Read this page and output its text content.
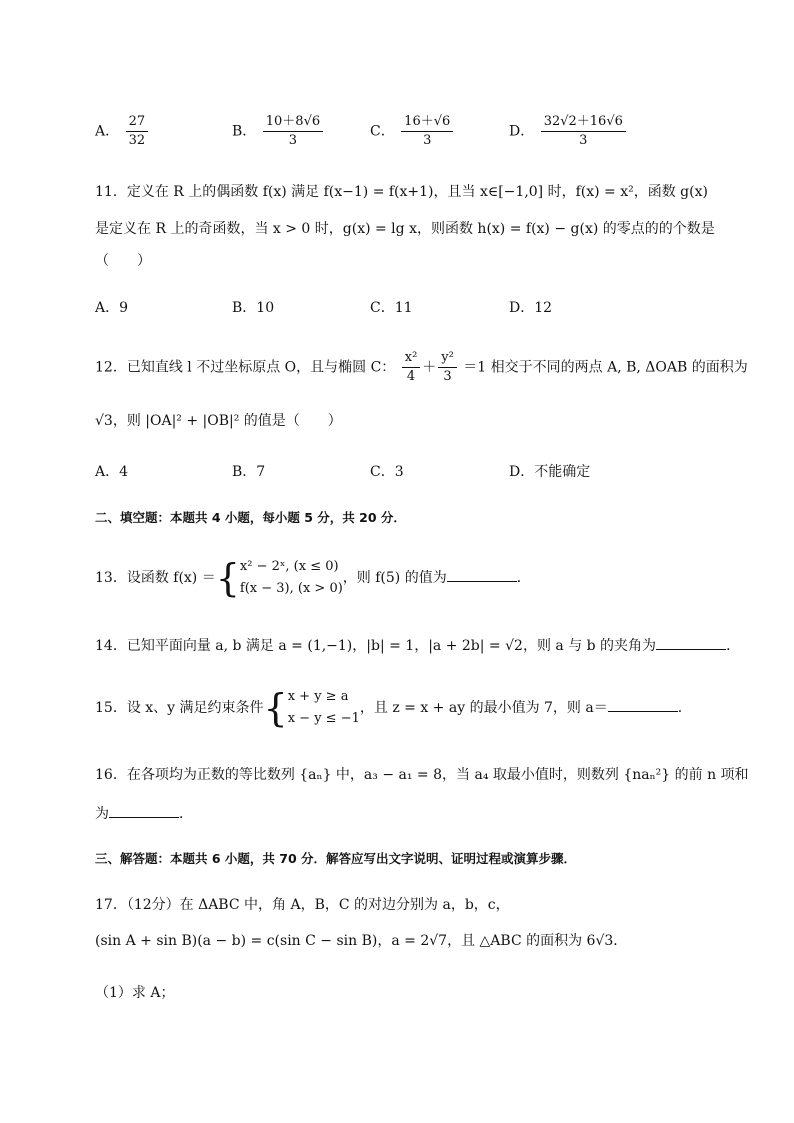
A． $\frac{27}{32}$	B． $\frac{10+8√6}{3}$	C． $\frac{16+√6}{3}$	D． $\frac{32√2+16√6}{3}$
11．定义在 R 上的偶函数 f(x) 满足 f(x−1) = f(x+1)，且当 x∈[−1,0] 时，f(x) = x²，函数 g(x)
是定义在 R 上的奇函数，当 x > 0 时，g(x) = lg x，则函数 h(x) = f(x) − g(x) 的零点的的个数是
（　　）
A．9	B．10	C．11	D．12
12．已知直线 l 不过坐标原点 O，且与椭圆 C： $\frac{\text{x²}}{4} + \frac{\text{y²}}{3} =1$ 相交于不同的两点 A, B, ΔOAB 的面积为
√3，则 |OA|² + |OB|² 的值是（　　）
A．4	B．7	C．3	D．不能确定
二、填空题：本题共 4 小题，每小题 5 分，共 20 分．
13．设函数 f(x) ＝{ x² − 2ˣ, (x ≤ 0)
f(x − 3), (x > 0)
，则 f(5) 的值为	．
14．已知平面向量 a, b 满足 a = (1,−1)，|b| = 1，|a + 2b| = √2，则 a 与 b 的夹角为	．
15．设 x、y 满足约束条件{ x + y ≥ a
x − y ≤ −1
，且 z = x + ay 的最小值为 7，则 a＝	．
16．在各项均为正数的等比数列 {aₙ} 中，a₃ − a₁ = 8，当 a₄ 取最小值时，则数列 {naₙ²} 的前 n 项和
为	．
三、解答题：本题共 6 小题，共 70 分．解答应写出文字说明、证明过程或演算步骤．
17．（12分）在 ΔABC 中，角 A，B，C 的对边分别为 a，b，c，
(sin A + sin B)(a − b) = c(sin C − sin B)，a = 2√7，且 △ABC 的面积为 6√3．
（1）求 A；
